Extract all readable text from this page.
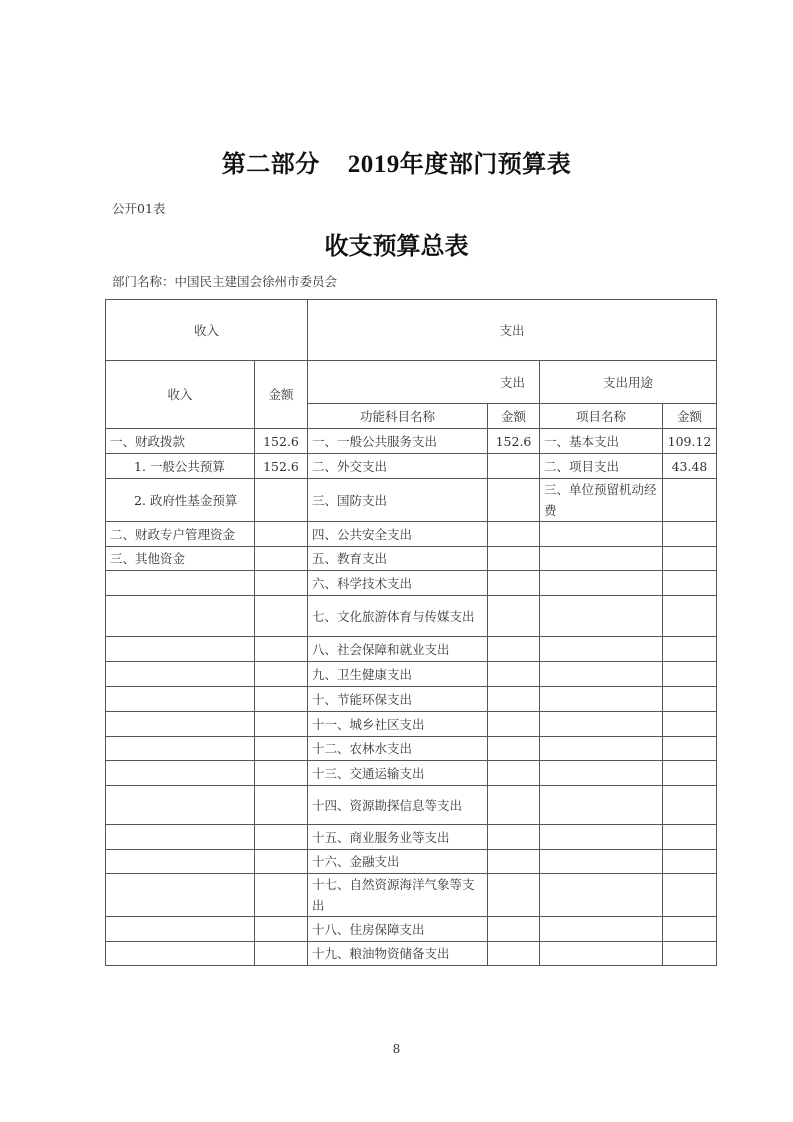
第二部分 2019年度部门预算表
公开01表
收支预算总表
部门名称：中国民主建国会徐州市委员会
收入		支出			
收入	金额	支出		支出用途	
		功能科目名称	金额	项目名称	金额
一、财政拨款	152.6	一、一般公共服务支出	152.6	一、基本支出	109.12
1. 一般公共预算	152.6	二、外交支出		二、项目支出	43.48
2. 政府性基金预算		三、国防支出		三、单位预留机动经费	
二、财政专户管理资金		四、公共安全支出			
三、其他资金		五、教育支出			
		六、科学技术支出			
		七、文化旅游体育与传媒支出			
		八、社会保障和就业支出			
		九、卫生健康支出			
		十、节能环保支出			
		十一、城乡社区支出			
		十二、农林水支出			
		十三、交通运输支出			
		十四、资源勘探信息等支出			
		十五、商业服务业等支出			
		十六、金融支出			
		十七、自然资源海洋气象等支出			
		十八、住房保障支出			
		十九、粮油物资储备支出			
8
